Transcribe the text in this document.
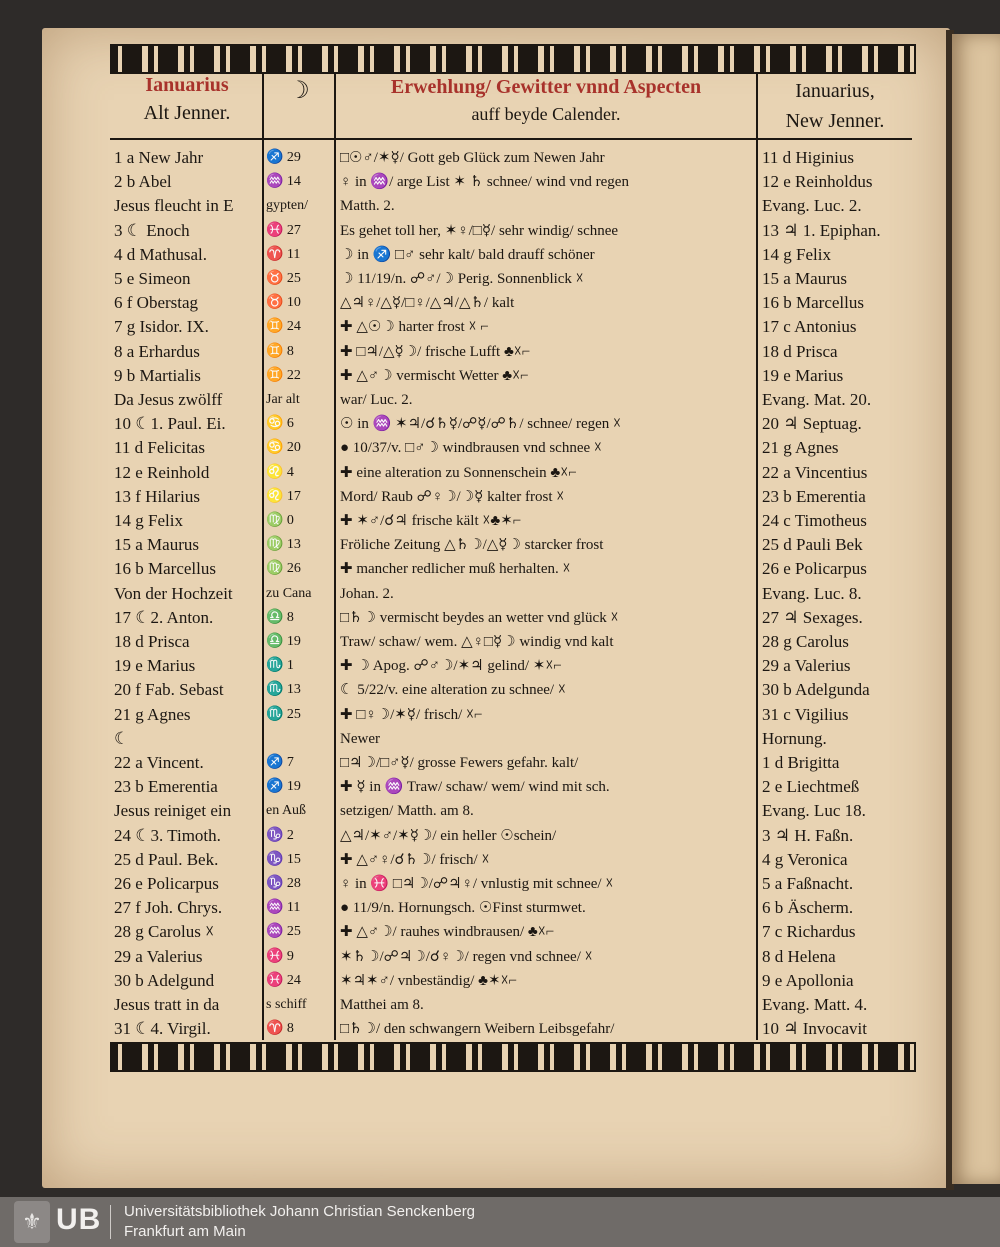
Ianuarius
Alt Jenner.
☽	Erwehlung/ Gewitter vnnd Aspecten
auff beyde Calender.
Ianuarius,
New Jenner.
1 a New Jahr	♐ 29	□☉♂/✶☿/ Gott geb Glück zum Newen Jahr	11 d Higinius
2 b Abel	♒ 14	♀ in ♒/ arge List ✶ ♄ schnee/ wind vnd regen	12 e Reinholdus
Jesus fleucht in E	gypten/	Matth. 2.	Evang. Luc. 2.
3 ☾ Enoch	♓ 27	Es gehet toll her, ✶♀/□☿/ sehr windig/ schnee	13 ♃ 1. Epiphan.
4 d Mathusal.	♈ 11	☽ in ♐ □♂ sehr kalt/ bald drauff schöner	14 g Felix
5 e Simeon	♉ 25	☽ 11/19/n. ☍♂/☽ Perig. Sonnenblick ☓	15 a Maurus
6 f Oberstag	♉ 10	△♃♀/△☿/□♀/△♃/△♄/ kalt	16 b Marcellus
7 g Isidor. IX.	♊ 24	✚ △☉☽ harter frost ☓ ⌐	17 c Antonius
8 a Erhardus	♊ 8	✚ □♃/△☿☽/ frische Lufft ♣☓⌐	18 d Prisca
9 b Martialis	♊ 22	✚ △♂☽ vermischt Wetter ♣☓⌐	19 e Marius
Da Jesus zwölff	Jar alt	war/ Luc. 2.	Evang. Mat. 20.
10 ☾1. Paul. Ei.	♋ 6	☉ in ♒ ✶♃/☌♄☿/☍☿/☍♄/ schnee/ regen ☓	20 ♃ Septuag.
11 d Felicitas	♋ 20	● 10/37/v. □♂☽ windbrausen vnd schnee ☓	21 g Agnes
12 e Reinhold	♌ 4	✚ eine alteration zu Sonnenschein ♣☓⌐	22 a Vincentius
13 f Hilarius	♌ 17	Mord/ Raub ☍♀☽/☽☿ kalter frost ☓	23 b Emerentia
14 g Felix	♍ 0	✚ ✶♂/☌♃ frische kält ☓♣✶⌐	24 c Timotheus
15 a Maurus	♍ 13	Fröliche Zeitung △♄☽/△☿☽ starcker frost	25 d Pauli Bek
16 b Marcellus	♍ 26	✚ mancher redlicher muß herhalten. ☓	26 e Policarpus
Von der Hochzeit	zu Cana	Johan. 2.	Evang. Luc. 8.
17 ☾2. Anton.	♎ 8	□♄☽ vermischt beydes an wetter vnd glück ☓	27 ♃ Sexages.
18 d Prisca	♎ 19	Traw/ schaw/ wem. △♀□☿☽ windig vnd kalt	28 g Carolus
19 e Marius	♏ 1	✚ ☽ Apog. ☍♂☽/✶♃ gelind/ ✶☓⌐	29 a Valerius
20 f Fab. Sebast	♏ 13	☾ 5/22/v. eine alteration zu schnee/ ☓	30 b Adelgunda
21 g Agnes	♏ 25	✚ □♀☽/✶☿/ frisch/ ☓⌐	31 c Vigilius
☾	Newer	Hornung.
22 a Vincent.	♐ 7	□♃☽/□♂☿/ grosse Fewers gefahr. kalt/	1 d Brigitta
23 b Emerentia	♐ 19	✚ ☿ in ♒ Traw/ schaw/ wem/ wind mit sch.	2 e Liechtmeß
Jesus reiniget ein	en Auß	setzigen/ Matth. am 8.	Evang. Luc 18.
24 ☾3. Timoth.	♑ 2	△♃/✶♂/✶☿☽/ ein heller ☉schein/	3 ♃ H. Faßn.
25 d Paul. Bek.	♑ 15	✚ △♂♀/☌♄☽/ frisch/ ☓	4 g Veronica
26 e Policarpus	♑ 28	♀ in ♓ □♃☽/☍♃♀/ vnlustig mit schnee/ ☓	5 a Faßnacht.
27 f Joh. Chrys.	♒ 11	● 11/9/n. Hornungsch. ☉Finst sturmwet.	6 b Äscherm.
28 g Carolus ☓	♒ 25	✚ △♂☽/ rauhes windbrausen/ ♣☓⌐	7 c Richardus
29 a Valerius	♓ 9	✶♄☽/☍♃☽/☌♀☽/ regen vnd schnee/ ☓	8 d Helena
30 b Adelgund	♓ 24	✶♃✶♂/ vnbeständig/ ♣✶☓⌐	9 e Apollonia
Jesus tratt in da	s schiff	Matthei am 8.	Evang. Matt. 4.
31 ☾4. Virgil.	♈ 8	□♄☽/ den schwangern Weibern Leibsgefahr/	10 ♃ Invocavit
⚜ UB Universitätsbibliothek Johann Christian Senckenberg
Frankfurt am Main
